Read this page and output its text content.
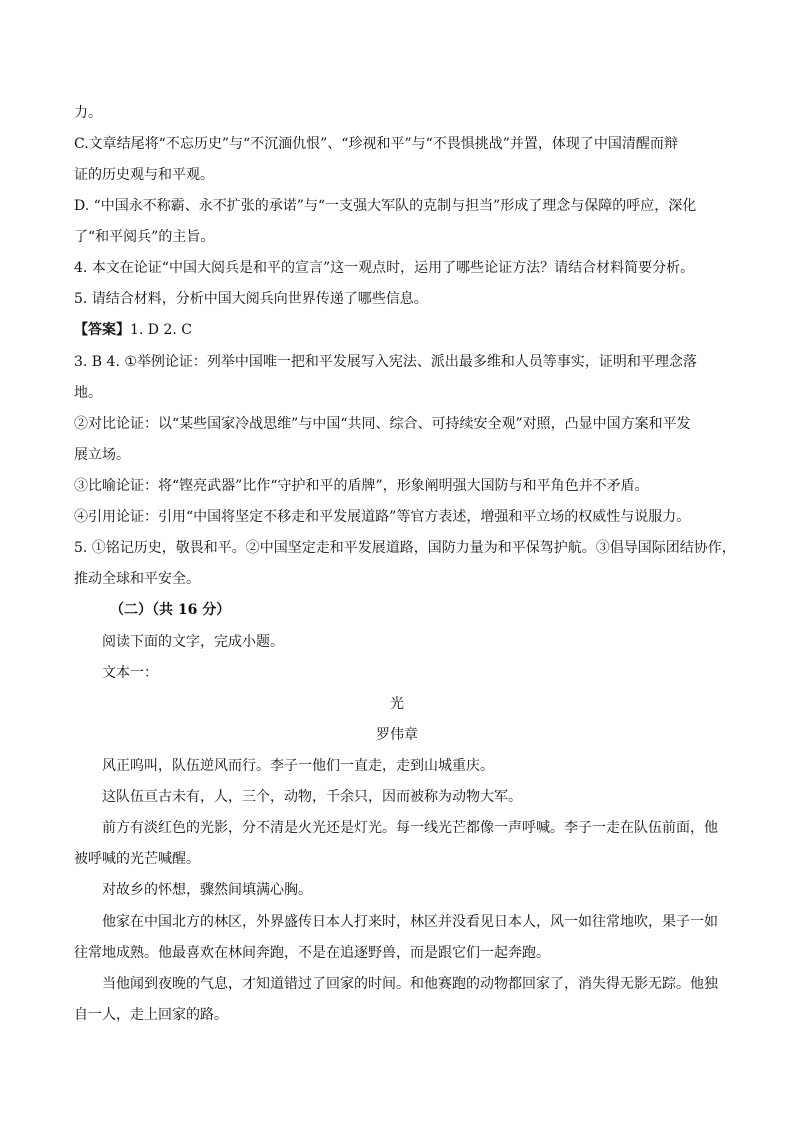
力。
C.文章结尾将“不忘历史”与“不沉湎仇恨”、“珍视和平”与“不畏惧挑战”并置，体现了中国清醒而辩
证的历史观与和平观。
D. “中国永不称霸、永不扩张的承诺”与“一支强大军队的克制与担当”形成了理念与保障的呼应，深化
了“和平阅兵”的主旨。
4. 本文在论证“中国大阅兵是和平的宣言”这一观点时，运用了哪些论证方法？请结合材料简要分析。
5. 请结合材料，分析中国大阅兵向世界传递了哪些信息。
【答案】1. D 2. C
3. B 4. ①举例论证：列举中国唯一把和平发展写入宪法、派出最多维和人员等事实，证明和平理念落
地。
②对比论证：以“某些国家冷战思维”与中国“共同、综合、可持续安全观”对照，凸显中国方案和平发
展立场。
③比喻论证：将“铿亮武器”比作“守护和平的盾牌”，形象阐明强大国防与和平角色并不矛盾。
④引用论证：引用“中国将坚定不移走和平发展道路”等官方表述，增强和平立场的权威性与说服力。
5. ①铭记历史，敬畏和平。②中国坚定走和平发展道路，国防力量为和平保驾护航。③倡导国际团结协作，
推动全球和平安全。
（二）（共 16 分）
阅读下面的文字，完成小题。
文本一：
光
罗伟章
风正呜叫，队伍逆风而行。李子一他们一直走，走到山城重庆。
这队伍亘古未有，人，三个，动物，千余只，因而被称为动物大军。
前方有淡红色的光影，分不清是火光还是灯光。每一线光芒都像一声呼喊。李子一走在队伍前面，他
被呼喊的光芒喊醒。
对故乡的怀想，骤然间填满心胸。
他家在中国北方的林区，外界盛传日本人打来时，林区并没看见日本人，风一如往常地吹，果子一如
往常地成熟。他最喜欢在林间奔跑，不是在追逐野兽，而是跟它们一起奔跑。
当他闻到夜晚的气息，才知道错过了回家的时间。和他赛跑的动物都回家了，消失得无影无踪。他独
自一人，走上回家的路。
